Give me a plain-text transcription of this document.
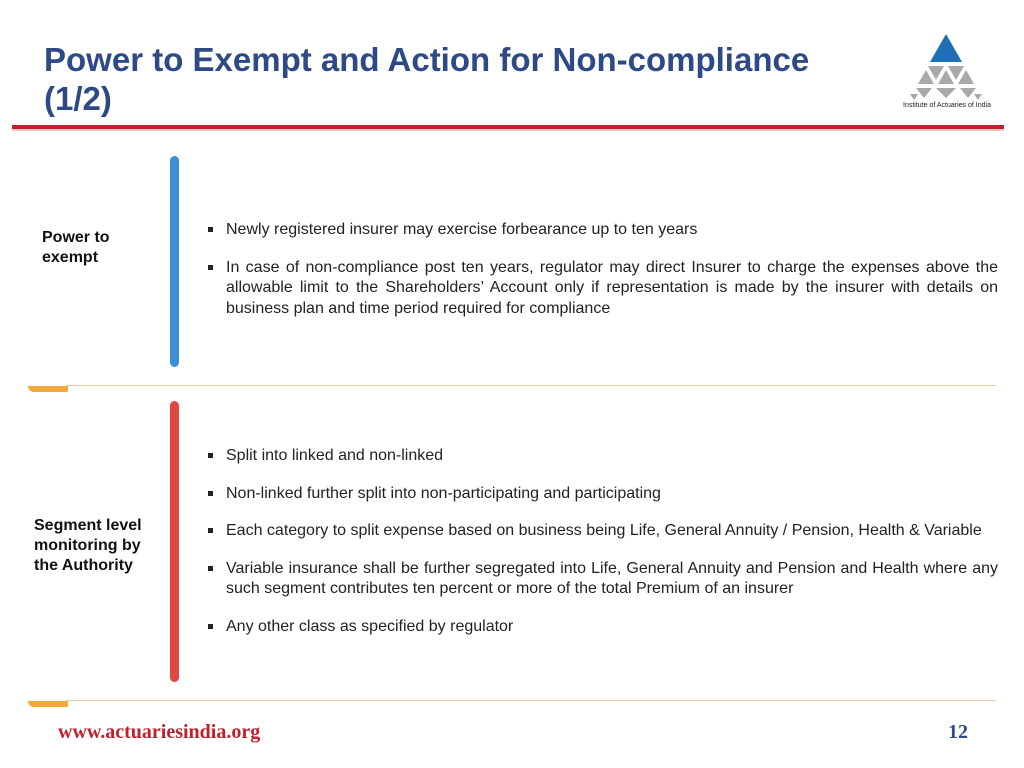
Power to Exempt and Action for Non-compliance (1/2)	Institute of Actuaries of India
Power to exempt
Newly registered insurer may exercise forbearance up to ten years
In case of non-compliance post ten years, regulator may direct Insurer to charge the expenses above the allowable limit to the Shareholders’ Account only if representation is made by the insurer with details on business plan and time period required for compliance
Segment level monitoring by the Authority
Split into linked and non-linked
Non-linked further split into non-participating and participating
Each category to split expense based on business being Life, General Annuity / Pension, Health & Variable
Variable insurance shall be further segregated into Life, General Annuity and Pension and Health where any such segment contributes ten percent or more of the total Premium of an insurer
Any other class as specified by regulator
www.actuariesindia.org	12
